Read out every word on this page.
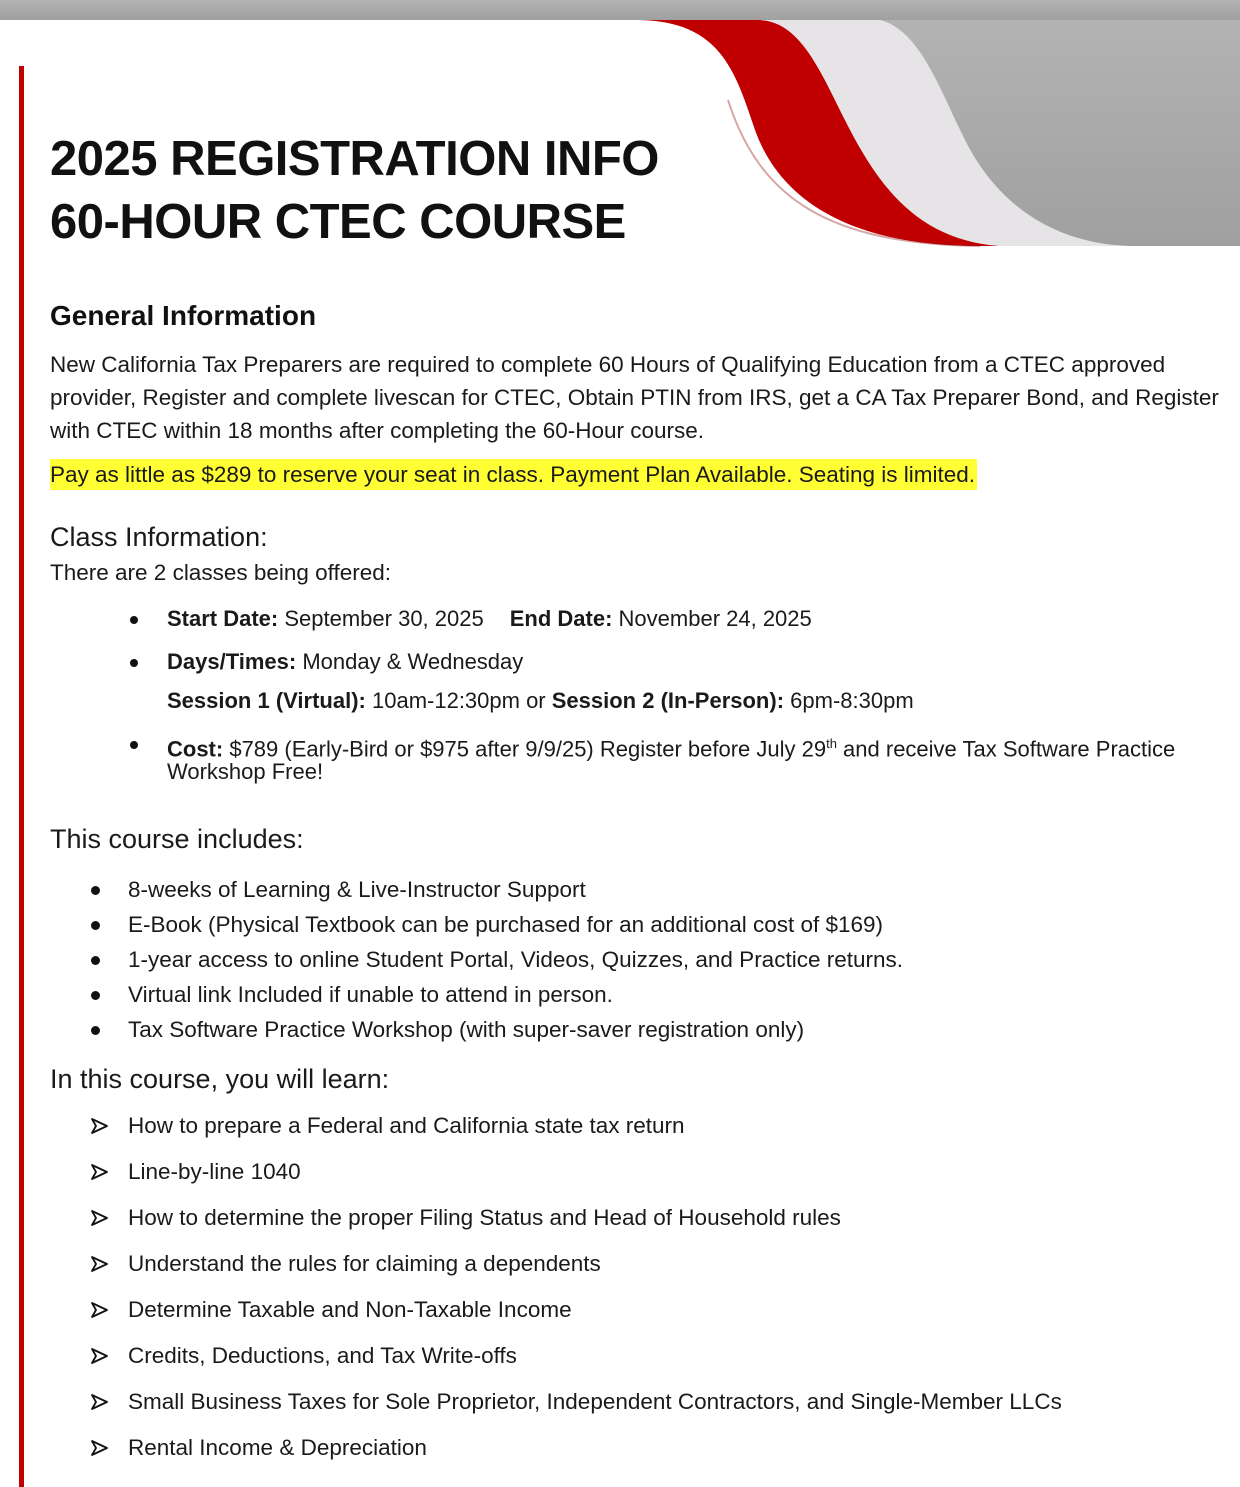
2025 REGISTRATION INFO
60-HOUR CTEC COURSE
General Information
New California Tax Preparers are required to complete 60 Hours of Qualifying Education from a CTEC approved provider, Register and complete livescan for CTEC, Obtain PTIN from IRS, get a CA Tax Preparer Bond, and Register with CTEC within 18 months after completing the 60-Hour course.
Pay as little as $289 to reserve your seat in class. Payment Plan Available. Seating is limited.
Class Information:
There are 2 classes being offered:
Start Date: September 30, 2025 End Date: November 24, 2025
Days/Times: Monday & Wednesday
Session 1 (Virtual): 10am-12:30pm or Session 2 (In-Person): 6pm-8:30pm
Cost: $789 (Early-Bird or $975 after 9/9/25) Register before July 29th and receive Tax Software Practice
Workshop Free!
This course includes:
8-weeks of Learning & Live-Instructor Support
E-Book (Physical Textbook can be purchased for an additional cost of $169)
1-year access to online Student Portal, Videos, Quizzes, and Practice returns.
Virtual link Included if unable to attend in person.
Tax Software Practice Workshop (with super-saver registration only)
In this course, you will learn:
How to prepare a Federal and California state tax return
Line-by-line 1040
How to determine the proper Filing Status and Head of Household rules
Understand the rules for claiming a dependents
Determine Taxable and Non-Taxable Income
Credits, Deductions, and Tax Write-offs
Small Business Taxes for Sole Proprietor, Independent Contractors, and Single-Member LLCs
Rental Income & Depreciation
